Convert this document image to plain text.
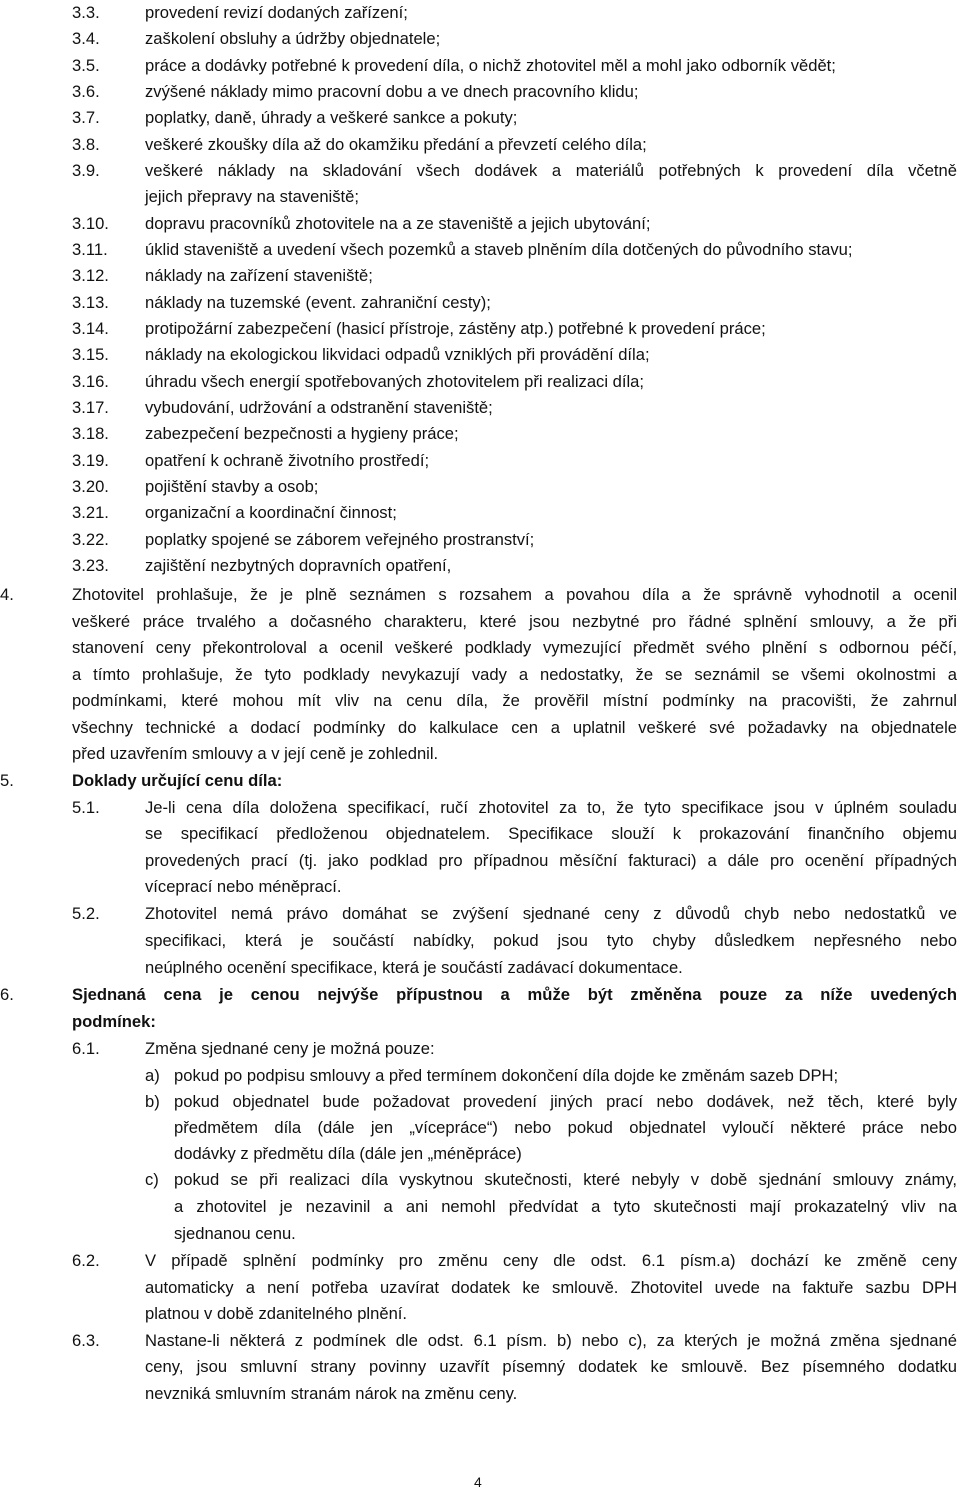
3.3.	provedení revizí dodaných zařízení;
3.4.	zaškolení obsluhy a údržby objednatele;
3.5.	práce a dodávky potřebné k provedení díla, o nichž zhotovitel měl a mohl jako odborník vědět;
3.6.	zvýšené náklady mimo pracovní dobu a ve dnech pracovního klidu;
3.7.	poplatky, daně, úhrady a veškeré sankce a pokuty;
3.8.	veškeré zkoušky díla až do okamžiku předání a převzetí celého díla;
3.9.	veškeré náklady na skladování všech dodávek a materiálů potřebných k provedení díla včetně
jejich přepravy na staveniště;
3.10. dopravu pracovníků zhotovitele na a ze staveniště a jejich ubytování;
3.11. úklid staveniště a uvedení všech pozemků a staveb plněním díla dotčených do původního stavu;
3.12. náklady na zařízení staveniště;
3.13. náklady na tuzemské (event. zahraniční cesty);
3.14. protipožární zabezpečení (hasicí přístroje, zástěny atp.) potřebné k provedení práce;
3.15. náklady na ekologickou likvidaci odpadů vzniklých při provádění díla;
3.16. úhradu všech energií spotřebovaných zhotovitelem při realizaci díla;
3.17. vybudování, udržování a odstranění staveniště;
3.18. zabezpečení bezpečnosti a hygieny práce;
3.19. opatření k ochraně životního prostředí;
3.20. pojištění stavby a osob;
3.21. organizační a koordinační činnost;
3.22. poplatky spojené se záborem veřejného prostranství;
3.23. zajištění nezbytných dopravních opatření,
4.	Zhotovitel prohlašuje, že je plně seznámen s rozsahem a povahou díla a že správně vyhodnotil a ocenil
veškeré práce trvalého a dočasného charakteru, které jsou nezbytné pro řádné splnění smlouvy, a že při
stanovení ceny překontroloval a ocenil veškeré podklady vymezující předmět svého plnění s odbornou péčí,
a tímto prohlašuje, že tyto podklady nevykazují vady a nedostatky, že se seznámil se všemi okolnostmi a
podmínkami, které mohou mít vliv na cenu díla, že prověřil místní podmínky na pracovišti, že zahrnul
všechny technické a dodací podmínky do kalkulace cen a uplatnil veškeré své požadavky na objednatele
před uzavřením smlouvy a v její ceně je zohlednil.
5.	Doklady určující cenu díla:
5.1.	Je-li cena díla doložena specifikací, ručí zhotovitel za to, že tyto specifikace jsou v úplném souladu
se specifikací předloženou objednatelem. Specifikace slouží k prokazování finančního objemu
provedených prací (tj. jako podklad pro případnou měsíční fakturaci) a dále pro ocenění případných
víceprací nebo méněprací.
5.2.	Zhotovitel nemá právo domáhat se zvýšení sjednané ceny z důvodů chyb nebo nedostatků ve
specifikaci, která je součástí nabídky, pokud jsou tyto chyby důsledkem nepřesného nebo
neúplného ocenění specifikace, která je součástí zadávací dokumentace.
6.	Sjednaná cena je cenou nejvýše přípustnou a může být změněna pouze za níže uvedených
podmínek:
6.1.	Změna sjednané ceny je možná pouze:
a) pokud po podpisu smlouvy a před termínem dokončení díla dojde ke změnám sazeb DPH;
b) pokud objednatel bude požadovat provedení jiných prací nebo dodávek, než těch, které byly
předmětem díla (dále jen „vícepráce“) nebo pokud objednatel vyloučí některé práce nebo
dodávky z předmětu díla (dále jen „méněpráce)
c) pokud se při realizaci díla vyskytnou skutečnosti, které nebyly v době sjednání smlouvy známy,
a zhotovitel je nezavinil a ani nemohl předvídat a tyto skutečnosti mají prokazatelný vliv na
sjednanou cenu.
6.2.	V případě splnění podmínky pro změnu ceny dle odst. 6.1 písm.a) dochází ke změně ceny
automaticky a není potřeba uzavírat dodatek ke smlouvě. Zhotovitel uvede na faktuře sazbu DPH
platnou v době zdanitelného plnění.
6.3.	Nastane-li některá z podmínek dle odst. 6.1 písm. b) nebo c), za kterých je možná změna sjednané
ceny, jsou smluvní strany povinny uzavřít písemný dodatek ke smlouvě. Bez písemného dodatku
nevzniká smluvním stranám nárok na změnu ceny.
4
